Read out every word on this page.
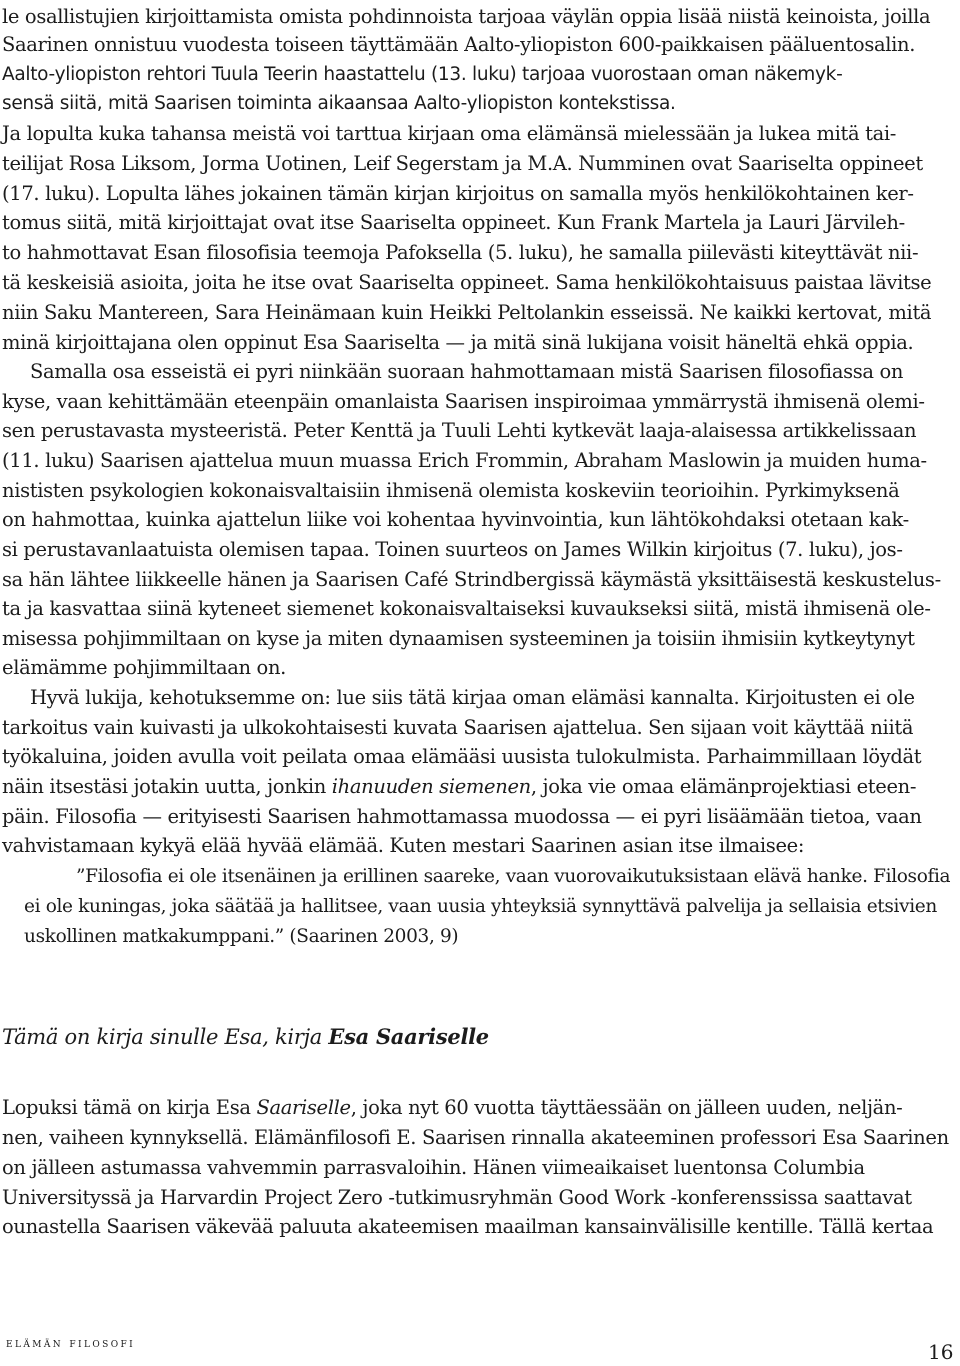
le osallistujien kirjoittamista omista pohdinnoista tarjoaa väylän oppia lisää niistä keinoista, joilla
Saarinen onnistuu vuodesta toiseen täyttämään Aalto-yliopiston 600-paikkaisen pääluentosalin.
Aalto-yliopiston rehtori Tuula Teerin haastattelu (13. luku) tarjoaa vuorostaan oman näkemyk-
sensä siitä, mitä Saarisen toiminta aikaansaa Aalto-yliopiston kontekstissa.
Ja lopulta kuka tahansa meistä voi tarttua kirjaan oma elämänsä mielessään ja lukea mitä tai-
teilijat Rosa Liksom, Jorma Uotinen, Leif Segerstam ja M.A. Numminen ovat Saariselta oppineet
(17. luku). Lopulta lähes jokainen tämän kirjan kirjoitus on samalla myös henkilökohtainen ker-
tomus siitä, mitä kirjoittajat ovat itse Saariselta oppineet. Kun Frank Martela ja Lauri Järvileh-
to hahmottavat Esan filosofisia teemoja Pafoksella (5. luku), he samalla piilevästi kiteyttävät nii-
tä keskeisiä asioita, joita he itse ovat Saariselta oppineet. Sama henkilökohtaisuus paistaa lävitse
niin Saku Mantereen, Sara Heinämaan kuin Heikki Peltolankin esseissä. Ne kaikki kertovat, mitä
minä kirjoittajana olen oppinut Esa Saariselta — ja mitä sinä lukijana voisit häneltä ehkä oppia.
Samalla osa esseistä ei pyri niinkään suoraan hahmottamaan mistä Saarisen filosofiassa on
kyse, vaan kehittämään eteenpäin omanlaista Saarisen inspiroimaa ymmärrystä ihmisenä olemi-
sen perustavasta mysteeristä. Peter Kenttä ja Tuuli Lehti kytkevät laaja-alaisessa artikkelissaan
(11. luku) Saarisen ajattelua muun muassa Erich Frommin, Abraham Maslowin ja muiden huma-
nististen psykologien kokonaisvaltaisiin ihmisenä olemista koskeviin teorioihin. Pyrkimyksenä
on hahmottaa, kuinka ajattelun liike voi kohentaa hyvinvointia, kun lähtökohdaksi otetaan kak-
si perustavanlaatuista olemisen tapaa. Toinen suurteos on James Wilkin kirjoitus (7. luku), jos-
sa hän lähtee liikkeelle hänen ja Saarisen Café Strindbergissä käymästä yksittäisestä keskustelus-
ta ja kasvattaa siinä kyteneet siemenet kokonaisvaltaiseksi kuvaukseksi siitä, mistä ihmisenä ole-
misessa pohjimmiltaan on kyse ja miten dynaamisen systeeminen ja toisiin ihmisiin kytkeytynyt
elämämme pohjimmiltaan on.
Hyvä lukija, kehotuksemme on: lue siis tätä kirjaa oman elämäsi kannalta. Kirjoitusten ei ole
tarkoitus vain kuivasti ja ulkokohtaisesti kuvata Saarisen ajattelua. Sen sijaan voit käyttää niitä
työkaluina, joiden avulla voit peilata omaa elämääsi uusista tulokulmista. Parhaimmillaan löydät
näin itsestäsi jotakin uutta, jonkin ihanuuden siemenen, joka vie omaa elämänprojektiasi eteen-
päin. Filosofia — erityisesti Saarisen hahmottamassa muodossa — ei pyri lisäämään tietoa, vaan
vahvistamaan kykyä elää hyvää elämää. Kuten mestari Saarinen asian itse ilmaisee:
”Filosofia ei ole itsenäinen ja erillinen saareke, vaan vuorovaikutuksistaan elävä hanke. Filosofia
ei ole kuningas, joka säätää ja hallitsee, vaan uusia yhteyksiä synnyttävä palvelija ja sellaisia etsivien
uskollinen matkakumppani.” (Saarinen 2003, 9)
Tämä on kirja sinulle Esa, kirja Esa Saariselle
Lopuksi tämä on kirja Esa Saariselle, joka nyt 60 vuotta täyttäessään on jälleen uuden, neljän-
nen, vaiheen kynnyksellä. Elämänfilosofi E. Saarisen rinnalla akateeminen professori Esa Saarinen
on jälleen astumassa vahvemmin parrasvaloihin. Hänen viimeaikaiset luentonsa Columbia
Universityssä ja Harvardin Project Zero -tutkimusryhmän Good Work -konferenssissa saattavat
ounastella Saarisen väkevää paluuta akateemisen maailman kansainvälisille kentille. Tällä kertaa
elämän filosofi	16
